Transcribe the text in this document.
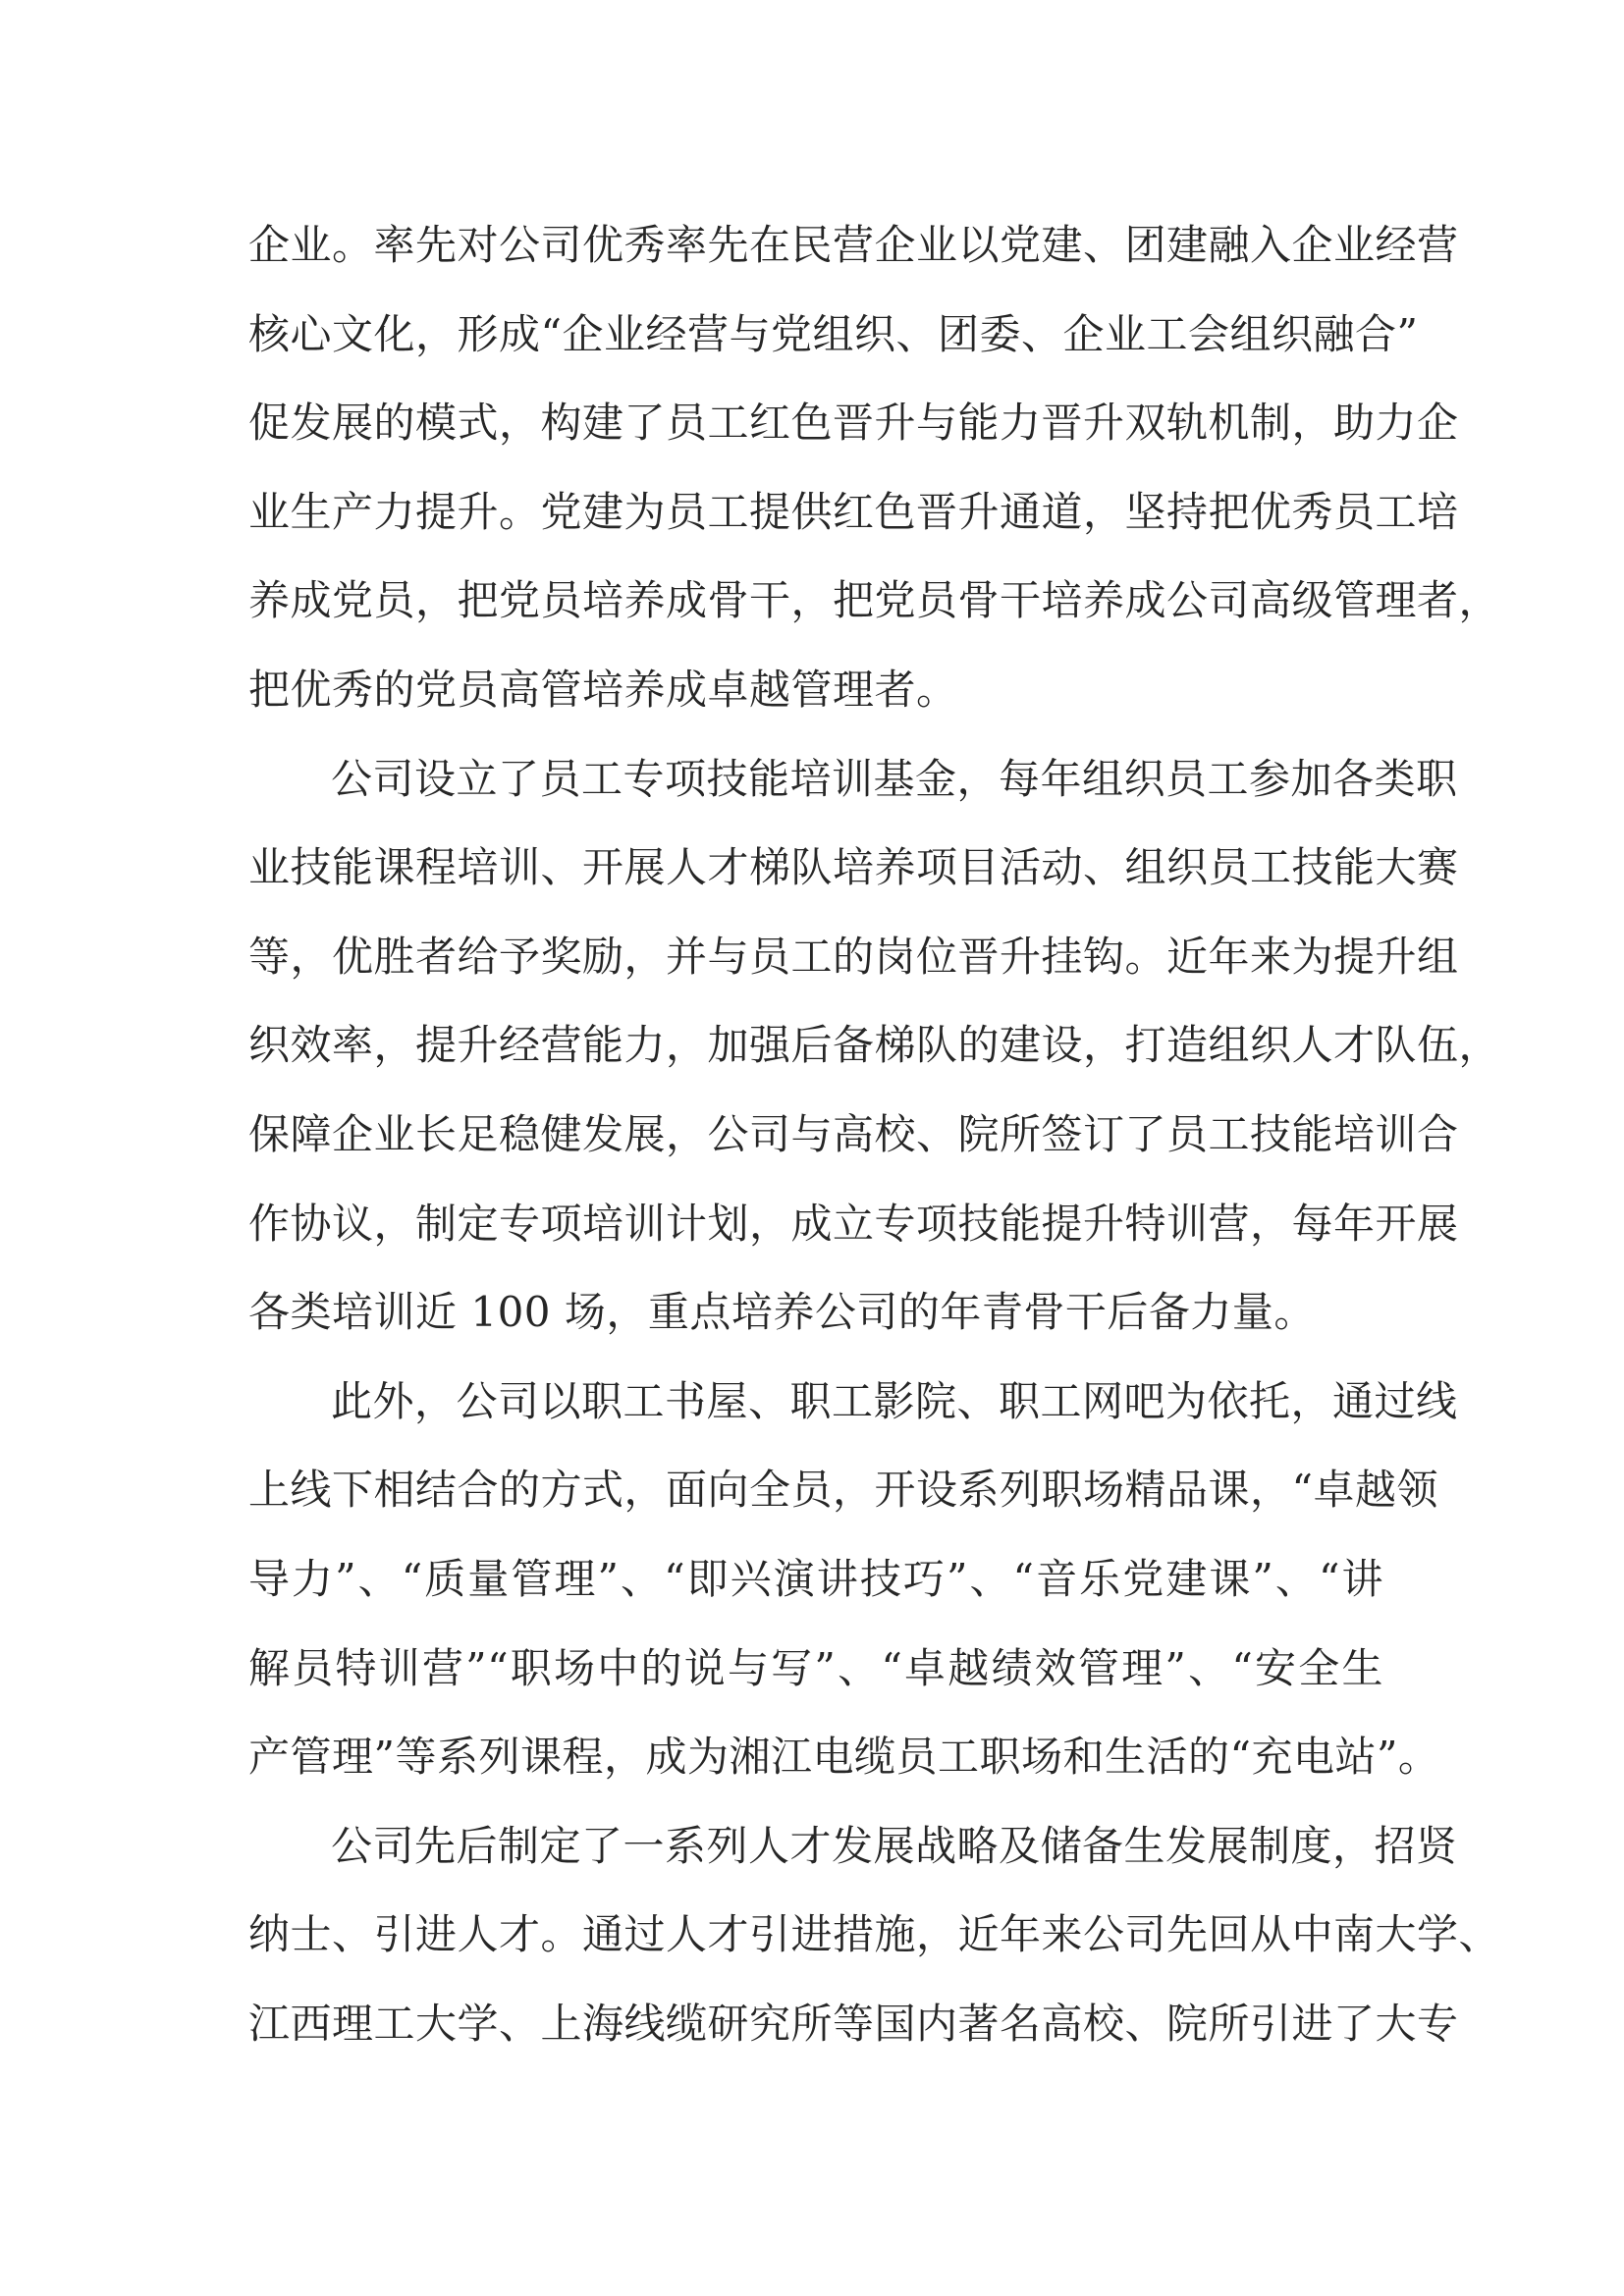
企业。率先对公司优秀率先在民营企业以党建、团建融入企业经营
核心文化，形成“企业经营与党组织、团委、企业工会组织融合”
促发展的模式，构建了员工红色晋升与能力晋升双轨机制，助力企
业生产力提升。党建为员工提供红色晋升通道，坚持把优秀员工培
养成党员，把党员培养成骨干，把党员骨干培养成公司高级管理者，
把优秀的党员高管培养成卓越管理者。
公司设立了员工专项技能培训基金，每年组织员工参加各类职
业技能课程培训、开展人才梯队培养项目活动、组织员工技能大赛
等，优胜者给予奖励，并与员工的岗位晋升挂钩。近年来为提升组
织效率，提升经营能力，加强后备梯队的建设，打造组织人才队伍，
保障企业长足稳健发展，公司与高校、院所签订了员工技能培训合
作协议，制定专项培训计划，成立专项技能提升特训营，每年开展
各类培训近 100 场，重点培养公司的年青骨干后备力量。
此外，公司以职工书屋、职工影院、职工网吧为依托，通过线
上线下相结合的方式，面向全员，开设系列职场精品课，“卓越领
导力”、“质量管理”、“即兴演讲技巧”、“音乐党建课”、“讲
解员特训营”“职场中的说与写”、“卓越绩效管理”、“安全生
产管理”等系列课程，成为湘江电缆员工职场和生活的“充电站”。
公司先后制定了一系列人才发展战略及储备生发展制度，招贤
纳士、引进人才。通过人才引进措施，近年来公司先回从中南大学、
江西理工大学、上海线缆研究所等国内著名高校、院所引进了大专
